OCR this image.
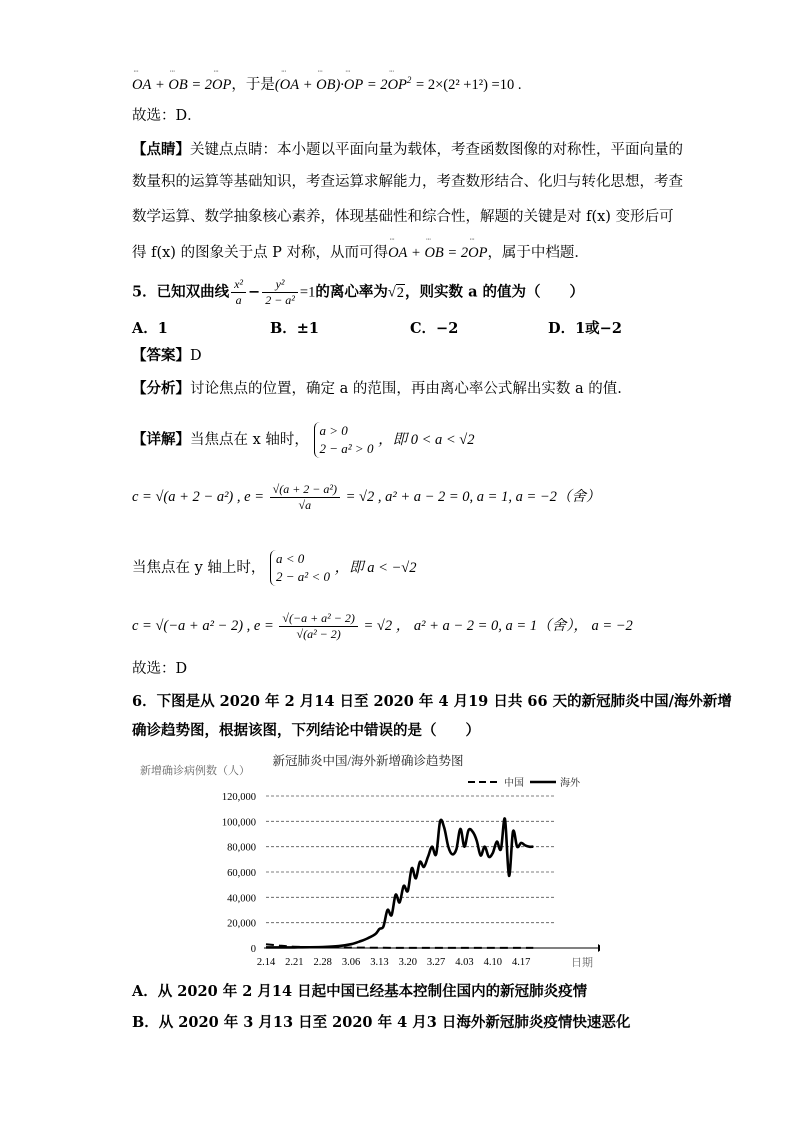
˙˙˙ OA + ˙˙˙ OB = 2˙˙˙ OP，于是(˙˙˙ OA + ˙˙˙ OB)·˙˙˙ OP = 2˙˙˙ $OP^2 = 2\times(2^2 +1^2) =10$ .
故选：D．
【点睛】关键点点睛：本小题以平面向量为载体，考查函数图像的对称性，平面向量的
数量积的运算等基础知识，考查运算求解能力，考查数形结合、化归与转化思想，考查
数学运算、数学抽象核心素养，体现基础性和综合性，解题的关键是对 f(x) 变形后可
得 f(x) 的图象关于点 P 对称，从而可得˙˙˙ OA + ˙˙˙ OB = 2˙˙˙ OP，属于中档题．
5．已知双曲线 $\frac{\text{x²}}{a} - \frac{\text{y²}}{\text{2 − a²}} =1$的离心率为√2，则实数 a 的值为（　　）
A．1	B．±1	C．−2	D．1或−2
【答案】D
【分析】讨论焦点的位置，确定 a 的范围，再由离心率公式解出实数 a 的值.
【详解】当焦点在 x 轴时，
a > 0
2 − a² > 0
，即 0 < a < √2
c = √(a + 2 − a²) , $e = \frac{\text{√(a + 2 − a²)}}{√a} = √2$ , a² + a − 2 = 0, a = 1, a = −2（舍）
当焦点在 y 轴上时，
a < 0
2 − a² < 0
，即 a < −√2
c = √(−a + a² − 2) , $e = \frac{\text{√(−a + a² − 2)}}{\text{√(a² − 2)}} = √2$ ， a² + a − 2 = 0, a = 1（舍）， a = −2
故选：D
6．下图是从 2020 年 2 月14 日至 2020 年 4 月19 日共 66 天的新冠肺炎中国/海外新增
确诊趋势图，根据该图，下列结论中错误的是（　　）
新冠肺炎中国/海外新增确诊趋势图
新增确诊病例数（人）
中国	海外
0
20,000
40,000
60,000
80,000
100,000
120,000
2.14 2.21 2.28 3.06 3.13 3.20 3.27 4.03 4.10 4.17	日期
A．从 2020 年 2 月14 日起中国已经基本控制住国内的新冠肺炎疫情
B．从 2020 年 3 月13 日至 2020 年 4 月3 日海外新冠肺炎疫情快速恶化
